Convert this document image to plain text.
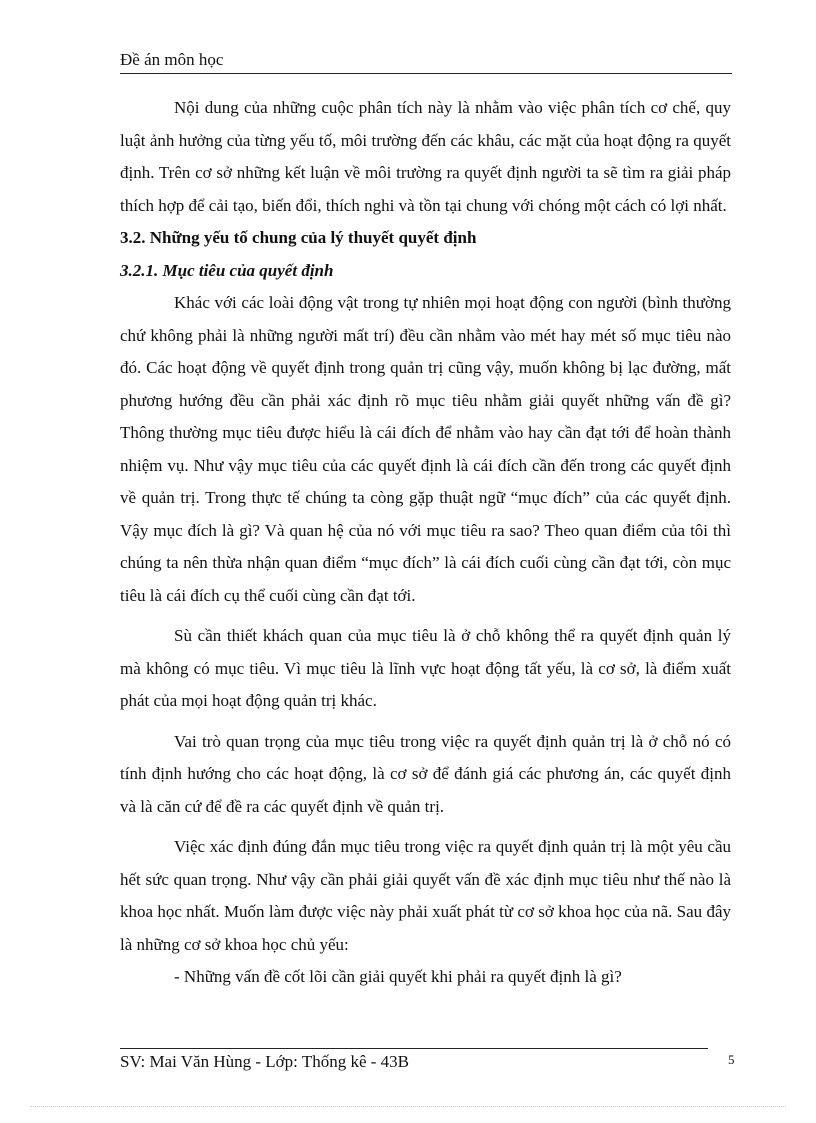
Đề án môn học

Nội dung của những cuộc phân tích này là nhằm vào việc phân tích cơ chế, quy luật ảnh hưởng của từng yếu tố, môi trường đến các khâu, các mặt của hoạt động ra quyết định. Trên cơ sở những kết luận về môi trường ra quyết định người ta sẽ tìm ra giải pháp thích hợp để cải tạo, biến đổi, thích nghi và tồn tại chung với chóng một cách có lợi nhất.

3.2. Những yếu tố chung của lý thuyết quyết định

3.2.1. Mục tiêu của quyết định

Khác với các loài động vật trong tự nhiên mọi hoạt động con người (bình thường chứ không phải là những người mất trí) đều cần nhằm vào mét hay mét số mục tiêu nào đó. Các hoạt động về quyết định trong quản trị cũng vậy, muốn không bị lạc đường, mất phương hướng đều cần phải xác định rõ mục tiêu nhằm giải quyết những vấn đề gì? Thông thường mục tiêu được hiểu là cái đích để nhằm vào hay cần đạt tới để hoàn thành nhiệm vụ. Như vậy mục tiêu của các quyết định là cái đích cần đến trong các quyết định về quản trị. Trong thực tế chúng ta còng gặp thuật ngữ “mục đích” của các quyết định. Vậy mục đích là gì? Và quan hệ của nó với mục tiêu ra sao? Theo quan điểm của tôi thì chúng ta nên thừa nhận quan điểm “mục đích” là cái đích cuối cùng cần đạt tới, còn mục tiêu là cái đích cụ thể cuối cùng cần đạt tới.

Sù cần thiết khách quan của mục tiêu là ở chỗ không thể ra quyết định quản lý mà không có mục tiêu. Vì mục tiêu là lĩnh vực hoạt động tất yếu, là cơ sở, là điểm xuất phát của mọi hoạt động quản trị khác.

Vai trò quan trọng của mục tiêu trong việc ra quyết định quản trị là ở chỗ nó có tính định hướng cho các hoạt động, là cơ sở để đánh giá các phương án, các quyết định và là căn cứ để đề ra các quyết định về quản trị.

Việc xác định đúng đắn mục tiêu trong việc ra quyết định quản trị là một yêu cầu hết sức quan trọng. Như vậy cần phải giải quyết vấn đề xác định mục tiêu như thế nào là khoa học nhất. Muốn làm được việc này phải xuất phát từ cơ sở khoa học của nã. Sau đây là những cơ sở khoa học chủ yếu:

- Những vấn đề cốt lõi cần giải quyết khi phải ra quyết định là gì?

SV: Mai Văn Hùng - Lớp: Thống kê - 43B	5
